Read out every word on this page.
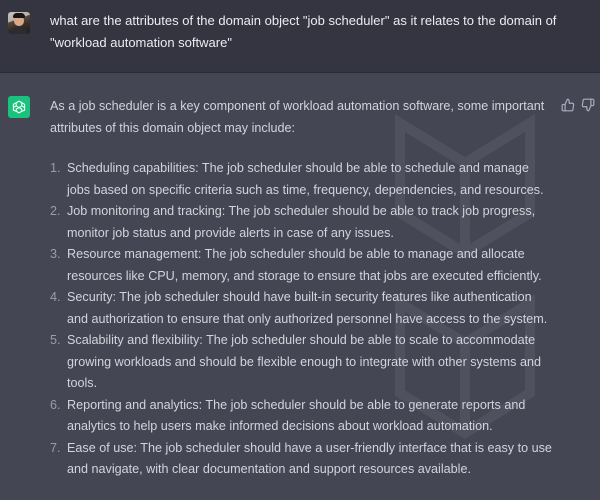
what are the attributes of the domain object "job scheduler" as it relates to the domain of "workload automation software"

As a job scheduler is a key component of workload automation software, some important attributes of this domain object may include:

1. Scheduling capabilities: The job scheduler should be able to schedule and manage jobs based on specific criteria such as time, frequency, dependencies, and resources.
2. Job monitoring and tracking: The job scheduler should be able to track job progress, monitor job status and provide alerts in case of any issues.
3. Resource management: The job scheduler should be able to manage and allocate resources like CPU, memory, and storage to ensure that jobs are executed efficiently.
4. Security: The job scheduler should have built-in security features like authentication and authorization to ensure that only authorized personnel have access to the system.
5. Scalability and flexibility: The job scheduler should be able to scale to accommodate growing workloads and should be flexible enough to integrate with other systems and tools.
6. Reporting and analytics: The job scheduler should be able to generate reports and analytics to help users make informed decisions about workload automation.
7. Ease of use: The job scheduler should have a user-friendly interface that is easy to use and navigate, with clear documentation and support resources available.
